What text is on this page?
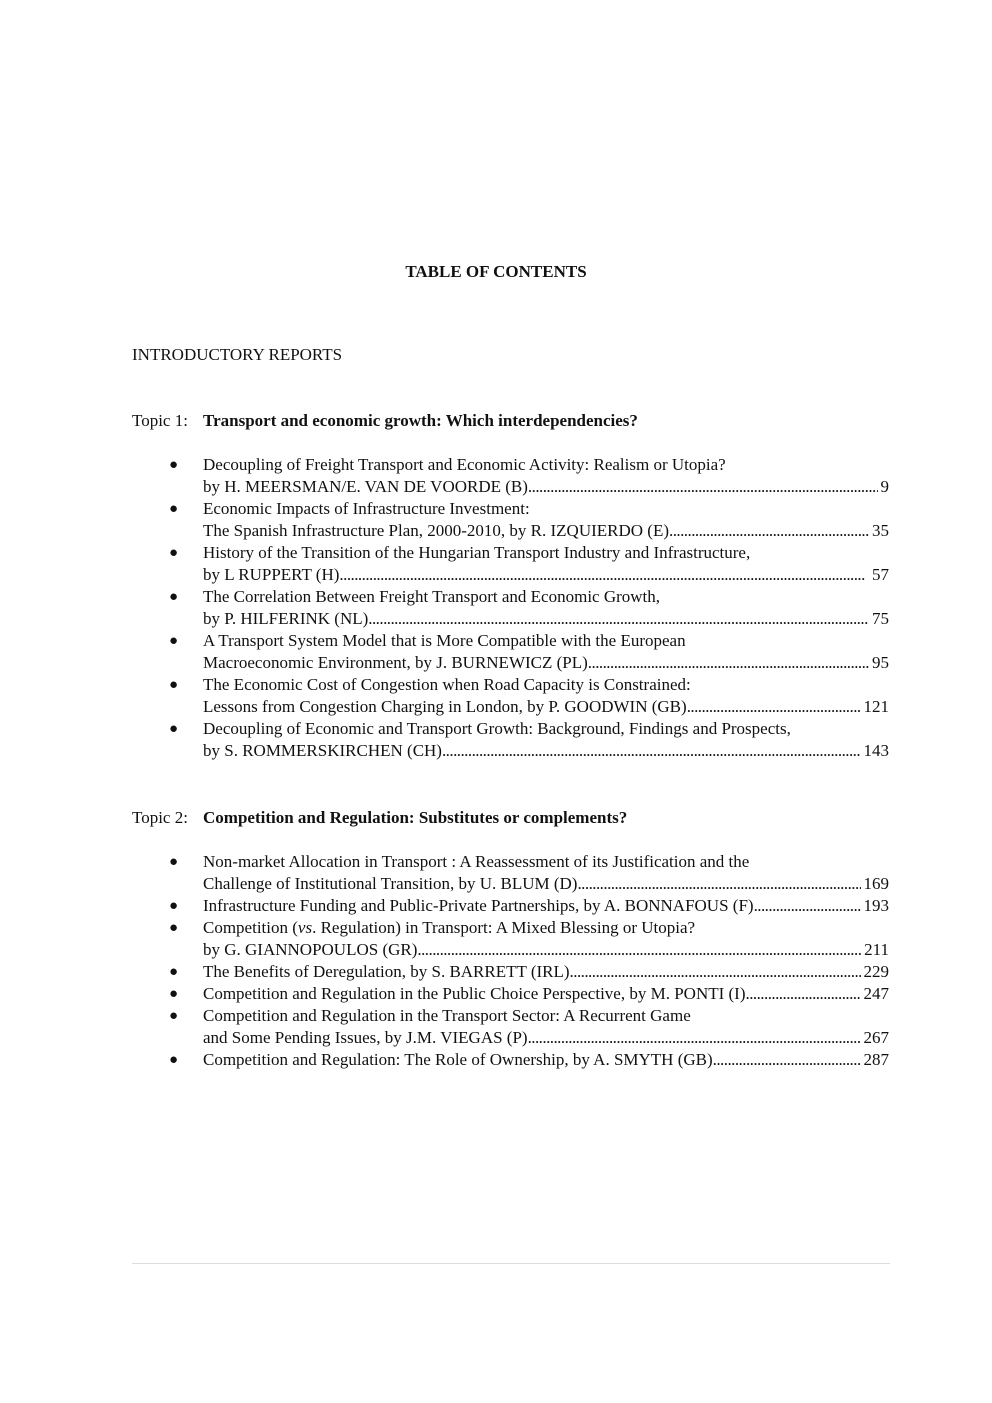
TABLE OF CONTENTS
INTRODUCTORY REPORTS
Topic 1: Transport and economic growth: Which interdependencies?
● Decoupling of Freight Transport and Economic Activity: Realism or Utopia?
by H. MEERSMAN/E. VAN DE VOORDE (B) . . .	9
● Economic Impacts of Infrastructure Investment:
The Spanish Infrastructure Plan, 2000-2010, by R. IZQUIERDO (E) . . .	35
● History of the Transition of the Hungarian Transport Industry and Infrastructure,
by L RUPPERT (H) . . .	57
● The Correlation Between Freight Transport and Economic Growth,
by P. HILFERINK (NL) . . .	75
● A Transport System Model that is More Compatible with the European
Macroeconomic Environment, by J. BURNEWICZ (PL) . . .	95
● The Economic Cost of Congestion when Road Capacity is Constrained:
Lessons from Congestion Charging in London, by P. GOODWIN (GB) . . .	121
● Decoupling of Economic and Transport Growth: Background, Findings and Prospects,
by S. ROMMERSKIRCHEN (CH) . . .	143
Topic 2: Competition and Regulation: Substitutes or complements?
● Non-market Allocation in Transport : A Reassessment of its Justification and the
Challenge of Institutional Transition, by U. BLUM (D) . . .	169
● Infrastructure Funding and Public-Private Partnerships, by A. BONNAFOUS (F) . . .	193
● Competition (vs. Regulation) in Transport: A Mixed Blessing or Utopia?
by G. GIANNOPOULOS (GR) . . .	211
● The Benefits of Deregulation, by S. BARRETT (IRL) . . .	229
● Competition and Regulation in the Public Choice Perspective, by M. PONTI (I) . . .	247
● Competition and Regulation in the Transport Sector: A Recurrent Game
and Some Pending Issues, by J.M. VIEGAS (P) . . .	267
● Competition and Regulation: The Role of Ownership, by A. SMYTH (GB) . . .	287
